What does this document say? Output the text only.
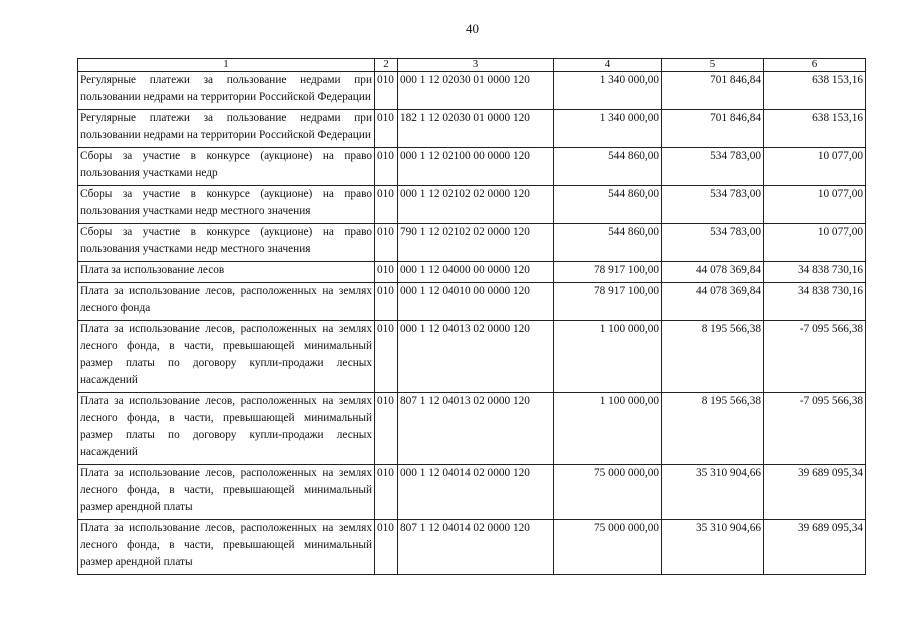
40
1	2	3	4	5	6
Регулярные платежи за пользование недрами при пользовании недрами на территории Российской Федерации	010	000 1 12 02030 01 0000 120	1 340 000,00	701 846,84	638 153,16
Регулярные платежи за пользование недрами при пользовании недрами на территории Российской Федерации	010	182 1 12 02030 01 0000 120	1 340 000,00	701 846,84	638 153,16
Сборы за участие в конкурсе (аукционе) на право пользования участками недр	010	000 1 12 02100 00 0000 120	544 860,00	534 783,00	10 077,00
Сборы за участие в конкурсе (аукционе) на право пользования участками недр местного значения	010	000 1 12 02102 02 0000 120	544 860,00	534 783,00	10 077,00
Сборы за участие в конкурсе (аукционе) на право пользования участками недр местного значения	010	790 1 12 02102 02 0000 120	544 860,00	534 783,00	10 077,00
Плата за использование лесов	010	000 1 12 04000 00 0000 120	78 917 100,00	44 078 369,84	34 838 730,16
Плата за использование лесов, расположенных на землях лесного фонда	010	000 1 12 04010 00 0000 120	78 917 100,00	44 078 369,84	34 838 730,16
Плата за использование лесов, расположенных на землях лесного фонда, в части, превышающей минимальный размер платы по договору купли-продажи лесных насаждений	010	000 1 12 04013 02 0000 120	1 100 000,00	8 195 566,38	-7 095 566,38
Плата за использование лесов, расположенных на землях лесного фонда, в части, превышающей минимальный размер платы по договору купли-продажи лесных насаждений	010	807 1 12 04013 02 0000 120	1 100 000,00	8 195 566,38	-7 095 566,38
Плата за использование лесов, расположенных на землях лесного фонда, в части, превышающей минимальный размер арендной платы	010	000 1 12 04014 02 0000 120	75 000 000,00	35 310 904,66	39 689 095,34
Плата за использование лесов, расположенных на землях лесного фонда, в части, превышающей минимальный размер арендной платы	010	807 1 12 04014 02 0000 120	75 000 000,00	35 310 904,66	39 689 095,34
